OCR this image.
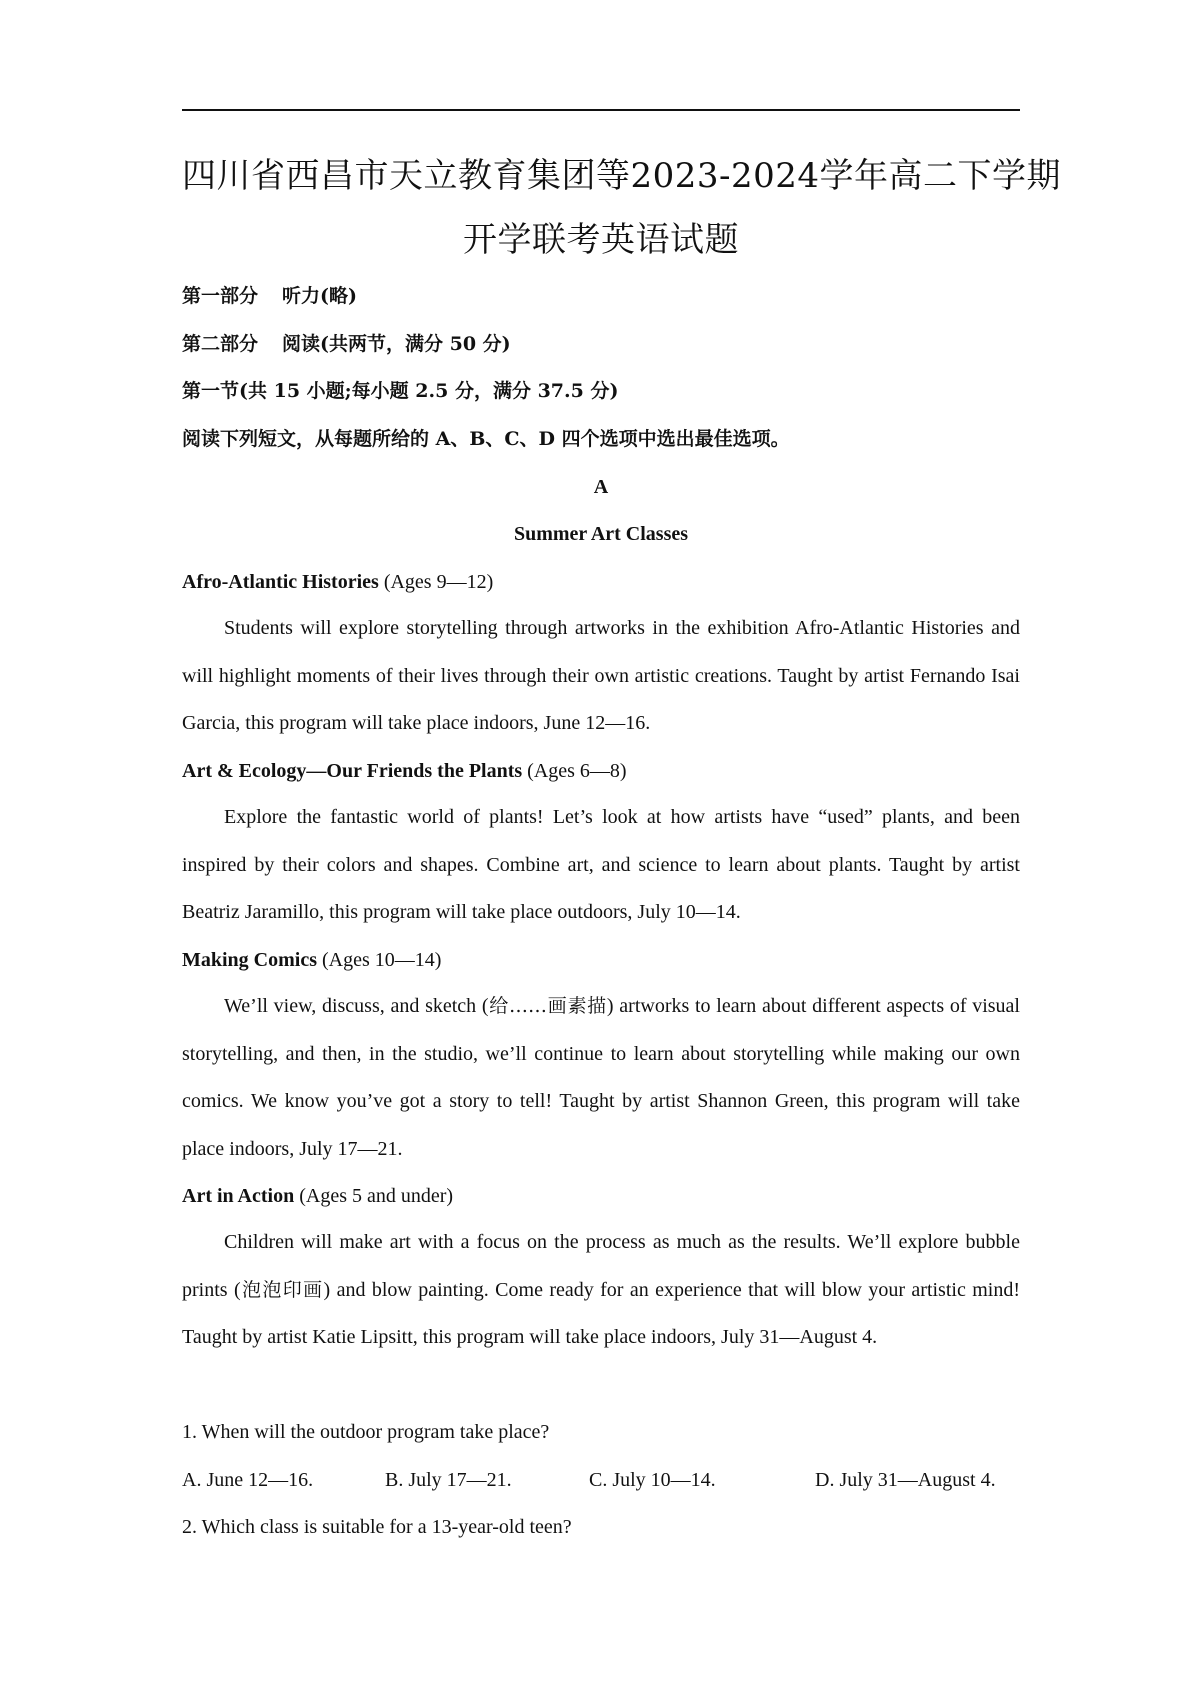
四川省西昌市天立教育集团等2023-2024学年高二下学期
开学联考英语试题
第一部分 听力(略)
第二部分 阅读(共两节，满分 50 分)
第一节(共 15 小题;每小题 2.5 分，满分 37.5 分)
阅读下列短文，从每题所给的 A、B、C、D 四个选项中选出最佳选项。
A
Summer Art Classes
Afro-Atlantic Histories (Ages 9—12)
Students will explore storytelling through artworks in the exhibition Afro-Atlantic Histories and will highlight moments of their lives through their own artistic creations. Taught by artist Fernando Isai Garcia, this program will take place indoors, June 12—16.
Art & Ecology—Our Friends the Plants (Ages 6—8)
Explore the fantastic world of plants! Let’s look at how artists have “used” plants, and been inspired by their colors and shapes. Combine art, and science to learn about plants. Taught by artist Beatriz Jaramillo, this program will take place outdoors, July 10—14.
Making Comics (Ages 10—14)
We’ll view, discuss, and sketch (给……画素描) artworks to learn about different aspects of visual storytelling, and then, in the studio, we’ll continue to learn about storytelling while making our own comics. We know you’ve got a story to tell! Taught by artist Shannon Green, this program will take place indoors, July 17—21.
Art in Action (Ages 5 and under)
Children will make art with a focus on the process as much as the results. We’ll explore bubble prints (泡泡印画) and blow painting. Come ready for an experience that will blow your artistic mind! Taught by artist Katie Lipsitt, this program will take place indoors, July 31—August 4.
1. When will the outdoor program take place?
A. June 12—16.	B. July 17—21.	C. July 10—14.	D. July 31—August 4.
2. Which class is suitable for a 13-year-old teen?
